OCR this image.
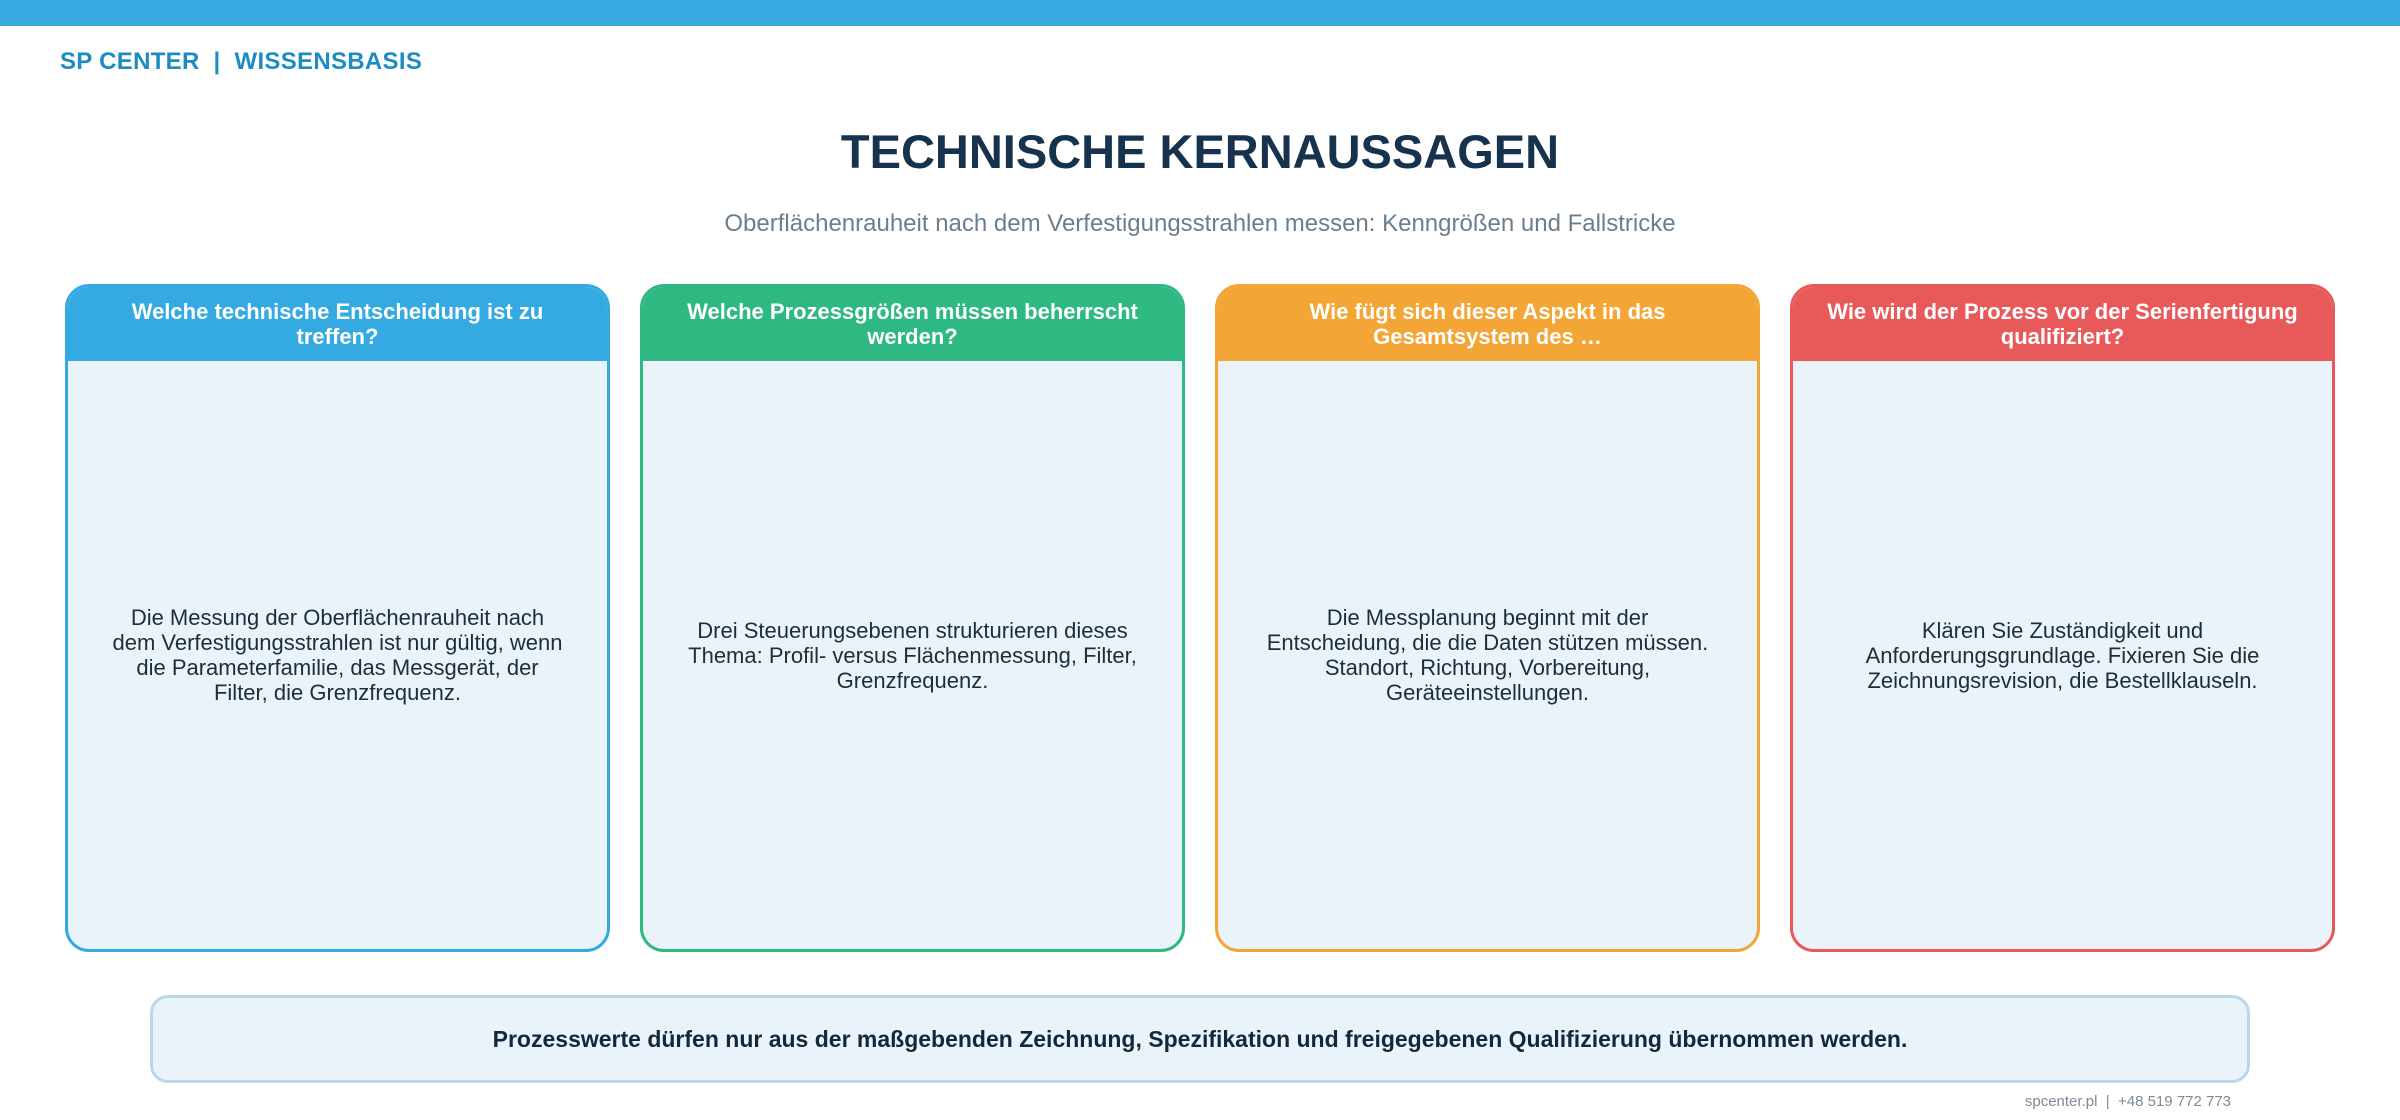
SP CENTER  |  WISSENSBASIS
TECHNISCHE KERNAUSSAGEN
Oberflächenrauheit nach dem Verfestigungsstrahlen messen: Kenngrößen und Fallstricke
Welche technische Entscheidung ist zu treffen?
Die Messung der Oberflächenrauheit nach dem Verfestigungsstrahlen ist nur gültig, wenn die Parameterfamilie, das Messgerät, der Filter, die Grenzfrequenz.
Welche Prozessgrößen müssen beherrscht werden?
Drei Steuerungsebenen strukturieren dieses Thema: Profil- versus Flächenmessung, Filter, Grenzfrequenz.
Wie fügt sich dieser Aspekt in das Gesamtsystem des …
Die Messplanung beginnt mit der Entscheidung, die die Daten stützen müssen. Standort, Richtung, Vorbereitung, Geräteeinstellungen.
Wie wird der Prozess vor der Serienfertigung qualifiziert?
Klären Sie Zuständigkeit und Anforderungsgrundlage. Fixieren Sie die Zeichnungsrevision, die Bestellklauseln.
Prozesswerte dürfen nur aus der maßgebenden Zeichnung, Spezifikation und freigegebenen Qualifizierung übernommen werden.
spcenter.pl  |  +48 519 772 773
